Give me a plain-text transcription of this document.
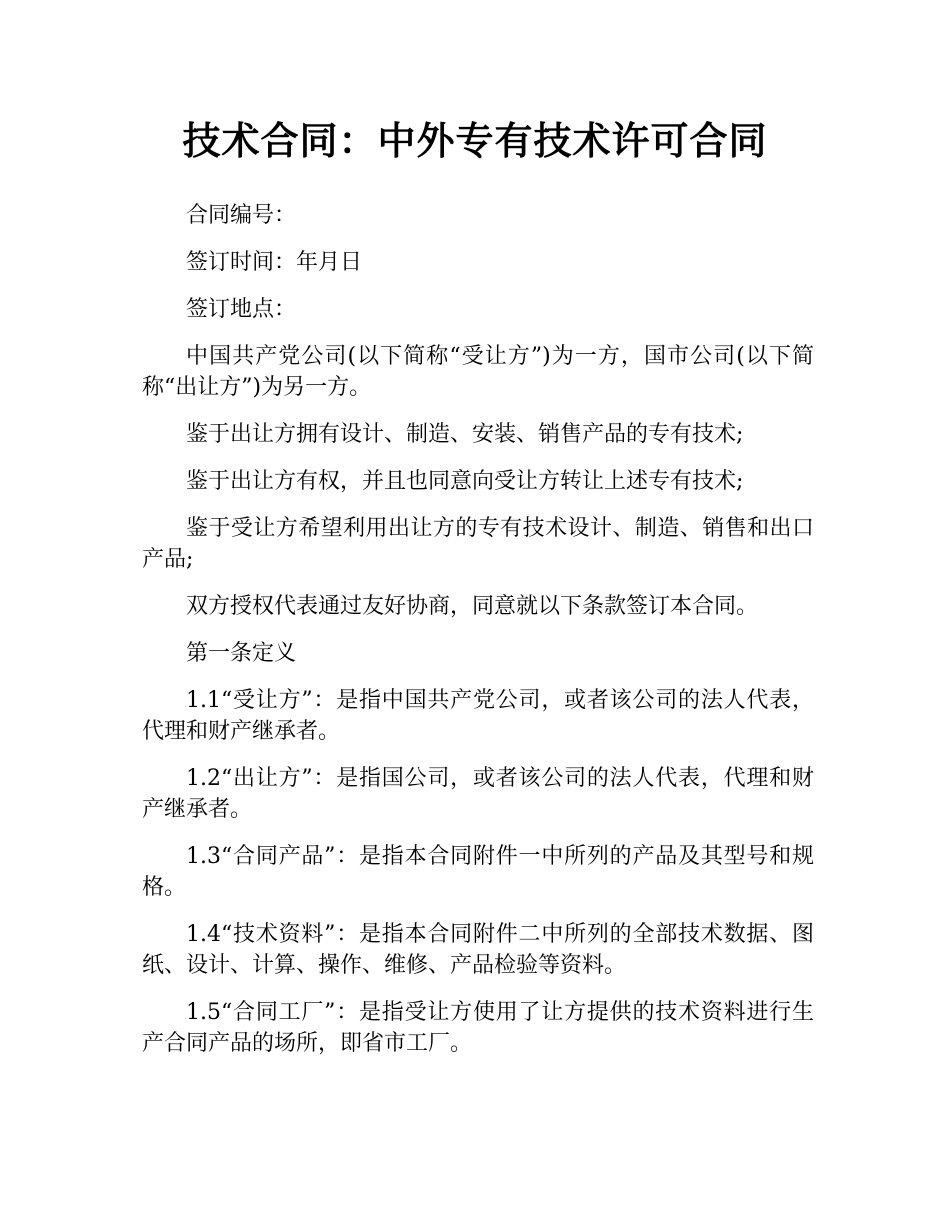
技术合同：中外专有技术许可合同

合同编号：

签订时间：年月日

签订地点：

中国共产党公司(以下简称“受让方”)为一方，国市公司(以下简称“出让方”)为另一方。

鉴于出让方拥有设计、制造、安装、销售产品的专有技术;

鉴于出让方有权，并且也同意向受让方转让上述专有技术;

鉴于受让方希望利用出让方的专有技术设计、制造、销售和出口产品;

双方授权代表通过友好协商，同意就以下条款签订本合同。

第一条定义

1.1“受让方”：是指中国共产党公司，或者该公司的法人代表，代理和财产继承者。

1.2“出让方”：是指国公司，或者该公司的法人代表，代理和财产继承者。

1.3“合同产品”：是指本合同附件一中所列的产品及其型号和规格。

1.4“技术资料”：是指本合同附件二中所列的全部技术数据、图纸、设计、计算、操作、维修、产品检验等资料。

1.5“合同工厂”：是指受让方使用了让方提供的技术资料进行生产合同产品的场所，即省市工厂。
